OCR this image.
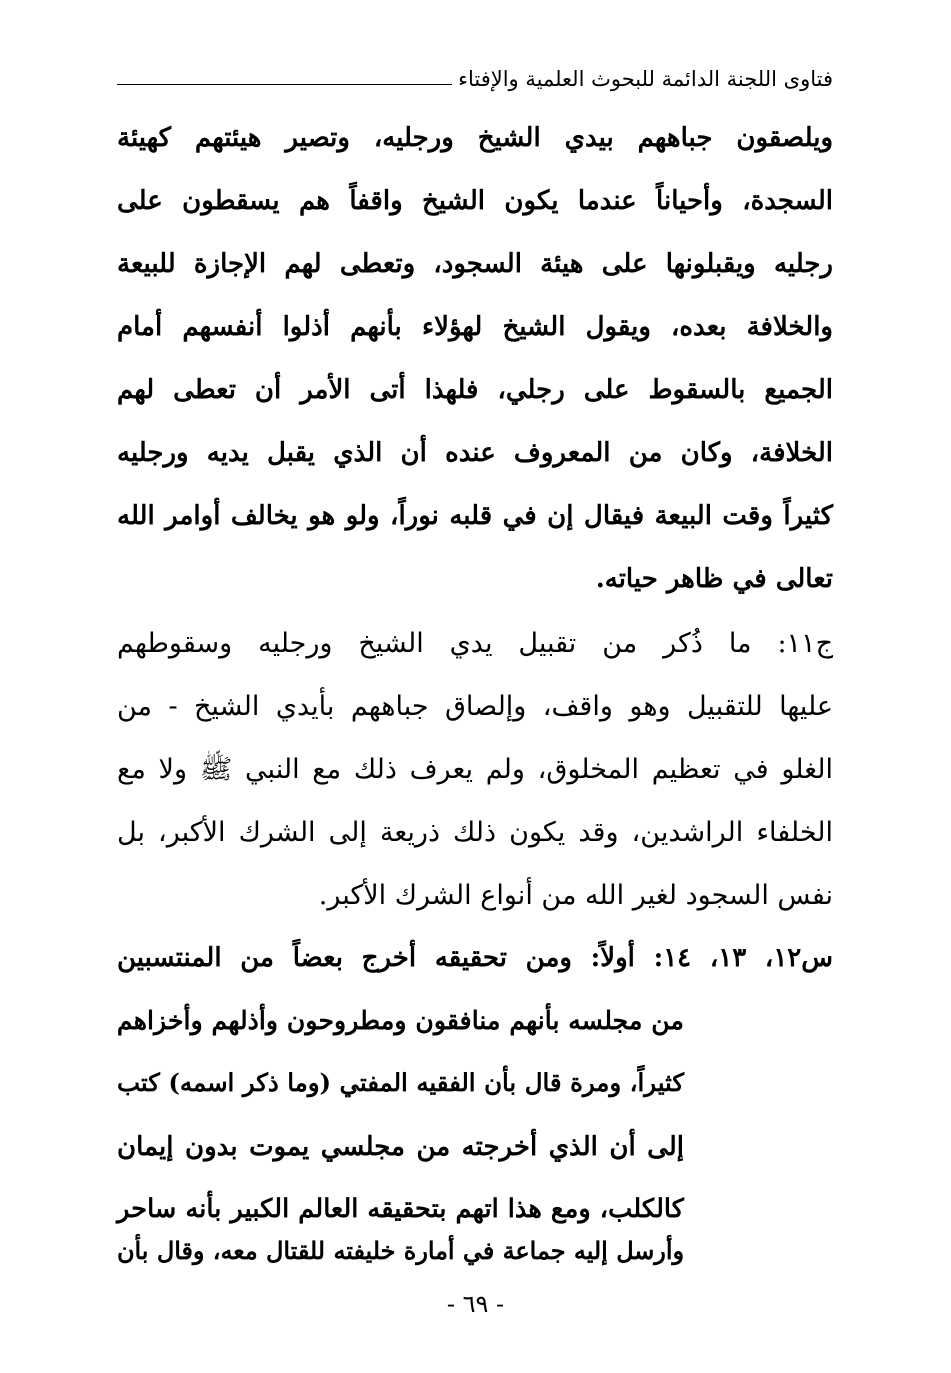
فتاوى اللجنة الدائمة للبحوث العلمية والإفتاء
ويلصقون جباههم بيدي الشيخ ورجليه، وتصير هيئتهم كهيئة
السجدة، وأحياناً عندما يكون الشيخ واقفاً هم يسقطون على
رجليه ويقبلونها على هيئة السجود، وتعطى لهم الإجازة للبيعة
والخلافة بعده، ويقول الشيخ لهؤلاء بأنهم أذلوا أنفسهم أمام
الجميع بالسقوط على رجلي، فلهذا أتى الأمر أن تعطى لهم
الخلافة، وكان من المعروف عنده أن الذي يقبل يديه ورجليه
كثيراً وقت البيعة فيقال إن في قلبه نوراً، ولو هو يخالف أوامر الله
تعالى في ظاهر حياته.
ج١١: ما ذُكر من تقبيل يدي الشيخ ورجليه وسقوطهم
عليها للتقبيل وهو واقف، وإلصاق جباههم بأيدي الشيخ - من
الغلو في تعظيم المخلوق، ولم يعرف ذلك مع النبي ﷺ ولا مع
الخلفاء الراشدين، وقد يكون ذلك ذريعة إلى الشرك الأكبر، بل
نفس السجود لغير الله من أنواع الشرك الأكبر.
س١٢، ١٣، ١٤: أولاً: ومن تحقيقه أخرج بعضاً من المنتسبين
من مجلسه بأنهم منافقون ومطروحون وأذلهم وأخزاهم
كثيراً، ومرة قال بأن الفقيه المفتي (وما ذكر اسمه) كتب
إلى أن الذي أخرجته من مجلسي يموت بدون إيمان
كالكلب، ومع هذا اتهم بتحقيقه العالم الكبير بأنه ساحر
وأرسل إليه جماعة في أمارة خليفته للقتال معه، وقال بأن
- ٦٩ -
